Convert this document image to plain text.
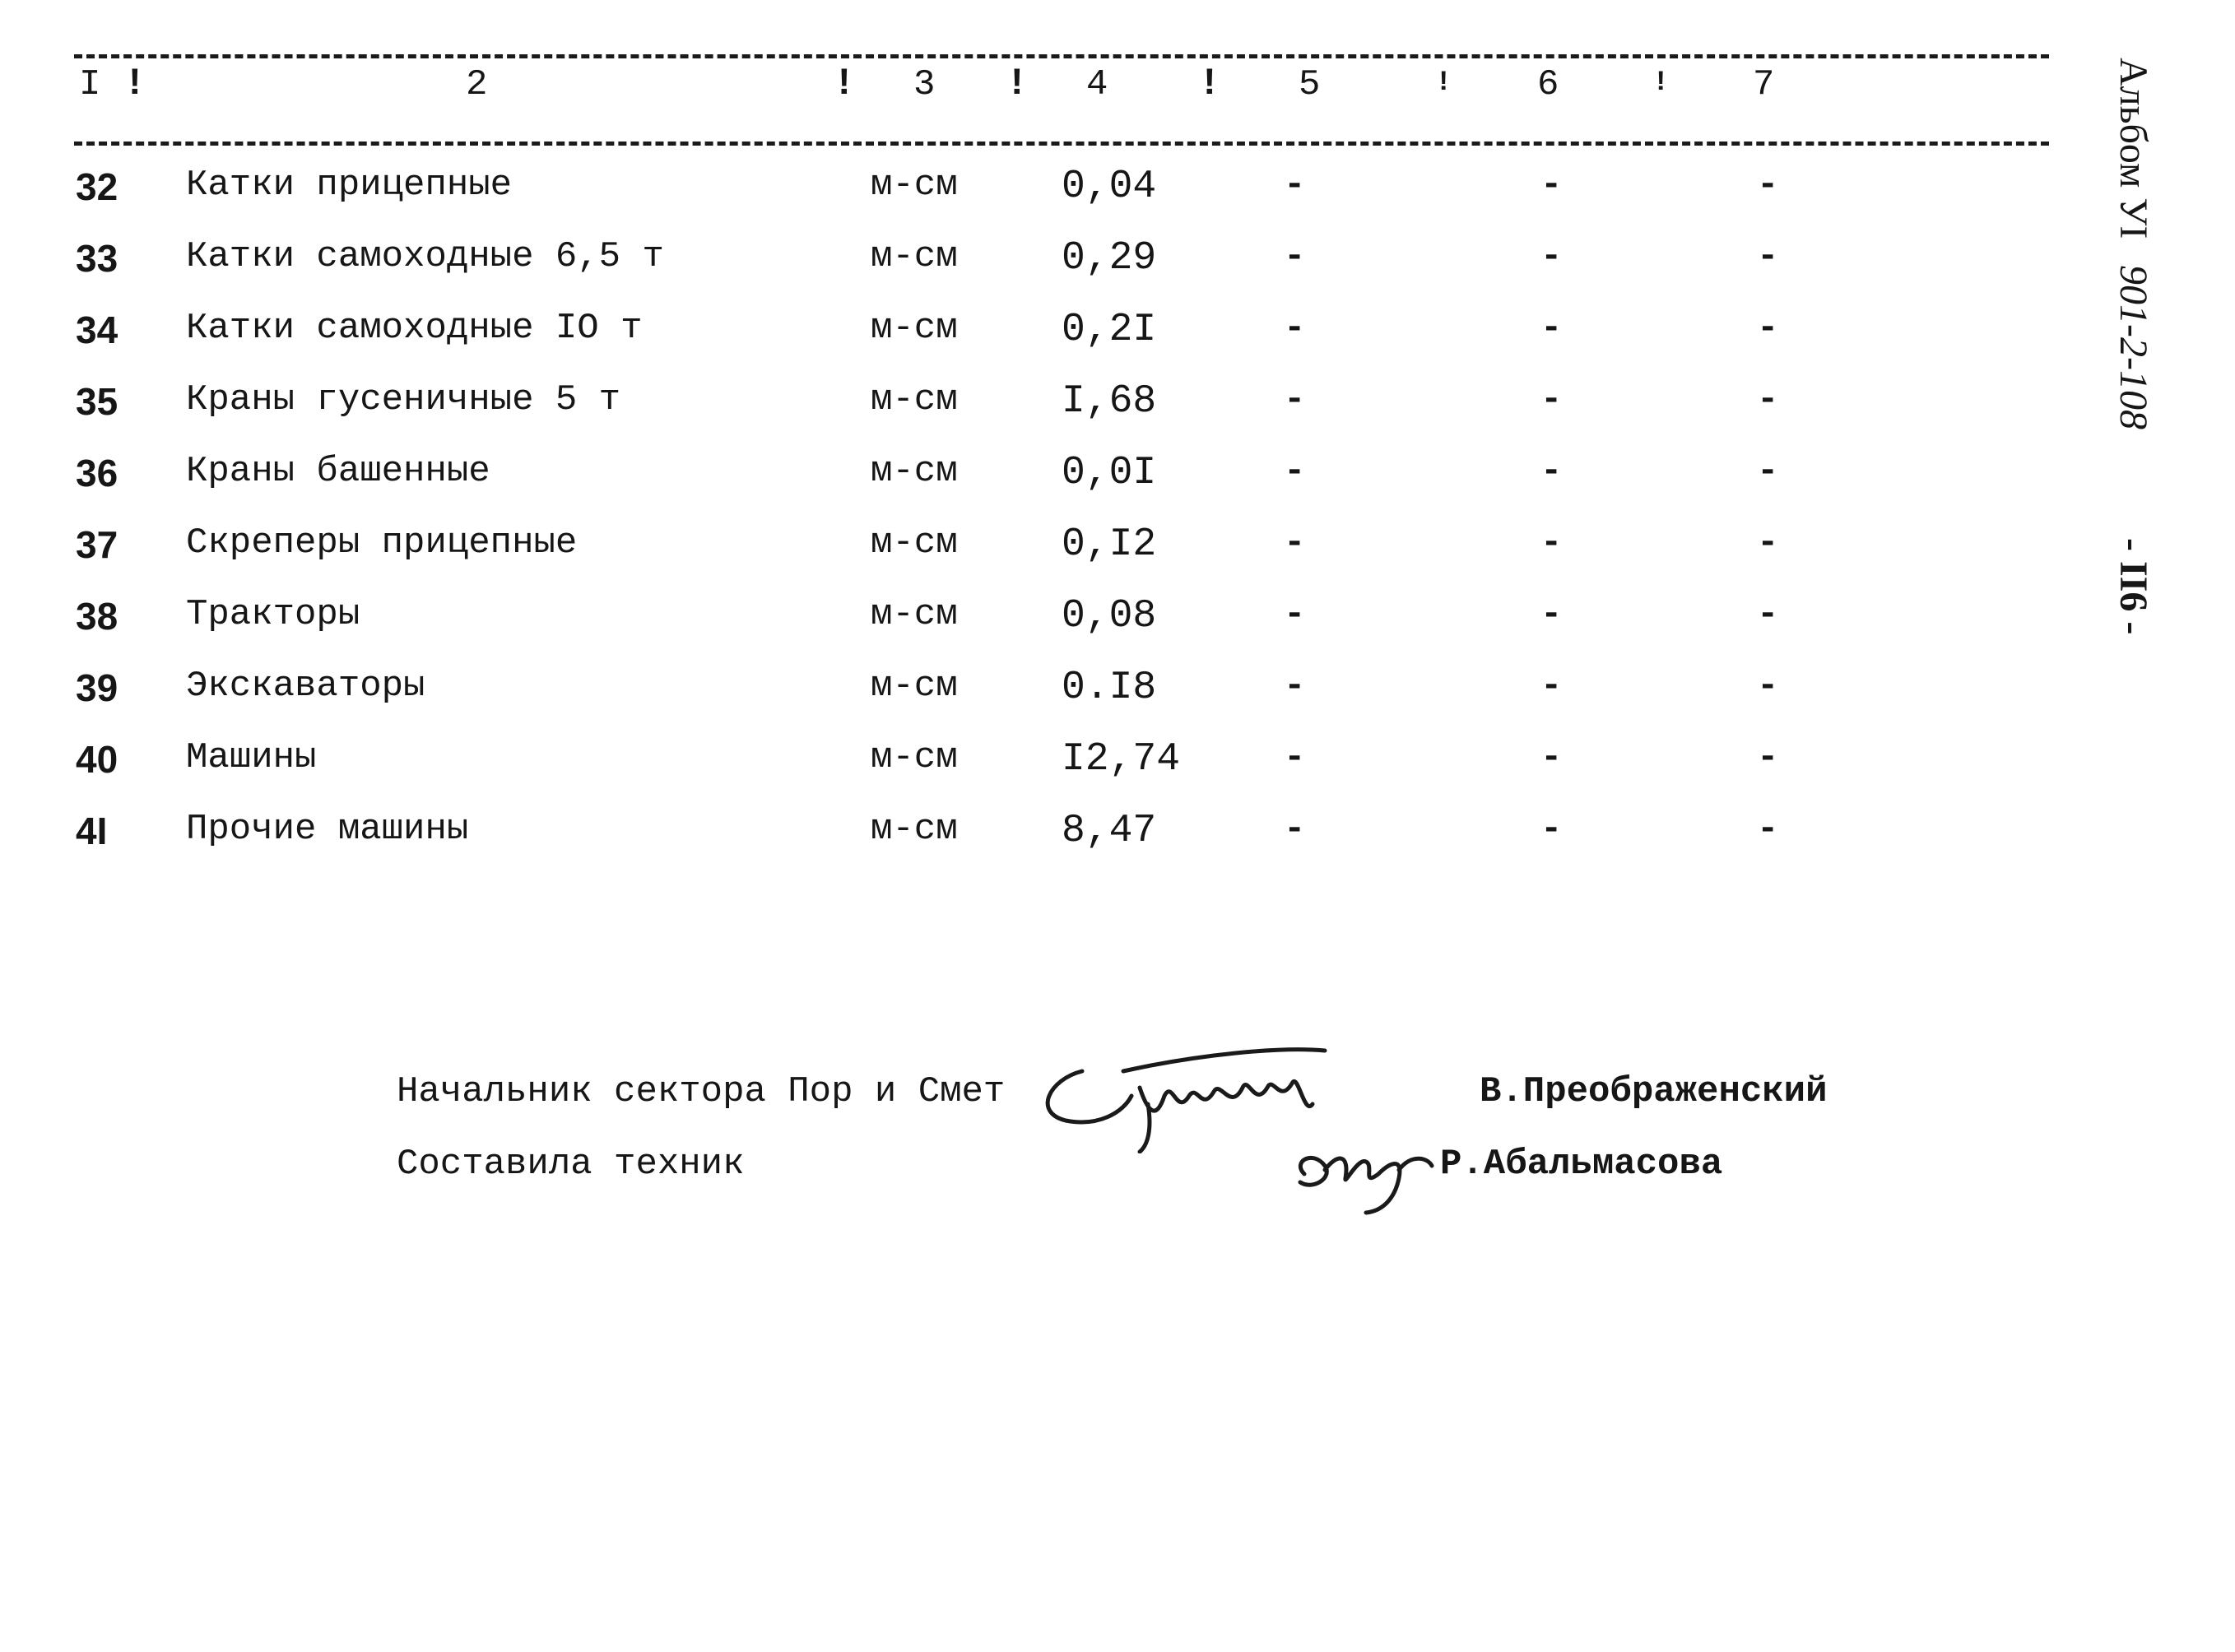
I !	2	! 3 ! 4 ! 5	! 6	! 7
32 Катки прицепные	м-см	0,04	-	-	-
33 Катки самоходные 6,5 т	м-см	0,29	-	-	-
34 Катки самоходные IO т	м-см	0,2I	-	-	-
35 Краны гусеничные 5 т	м-см	I,68	-	-	-
36 Краны башенные	м-см	0,0I	-	-	-
37 Скреперы прицепные	м-см	0,I2	-	-	-
38 Тракторы	м-см	0,08	-	-	-
39 Экскаваторы	м-см	0.I8	-	-	-
40 Машины	м-см	I2,74	-	-	-
4I Прочие машины	м-см	8,47	-	-	-
Начальник сектора Пор и Смет	В.Преображенский
Составила техник	Р.Абальмасова
Альбом УI 901-2-108 - II6 -
